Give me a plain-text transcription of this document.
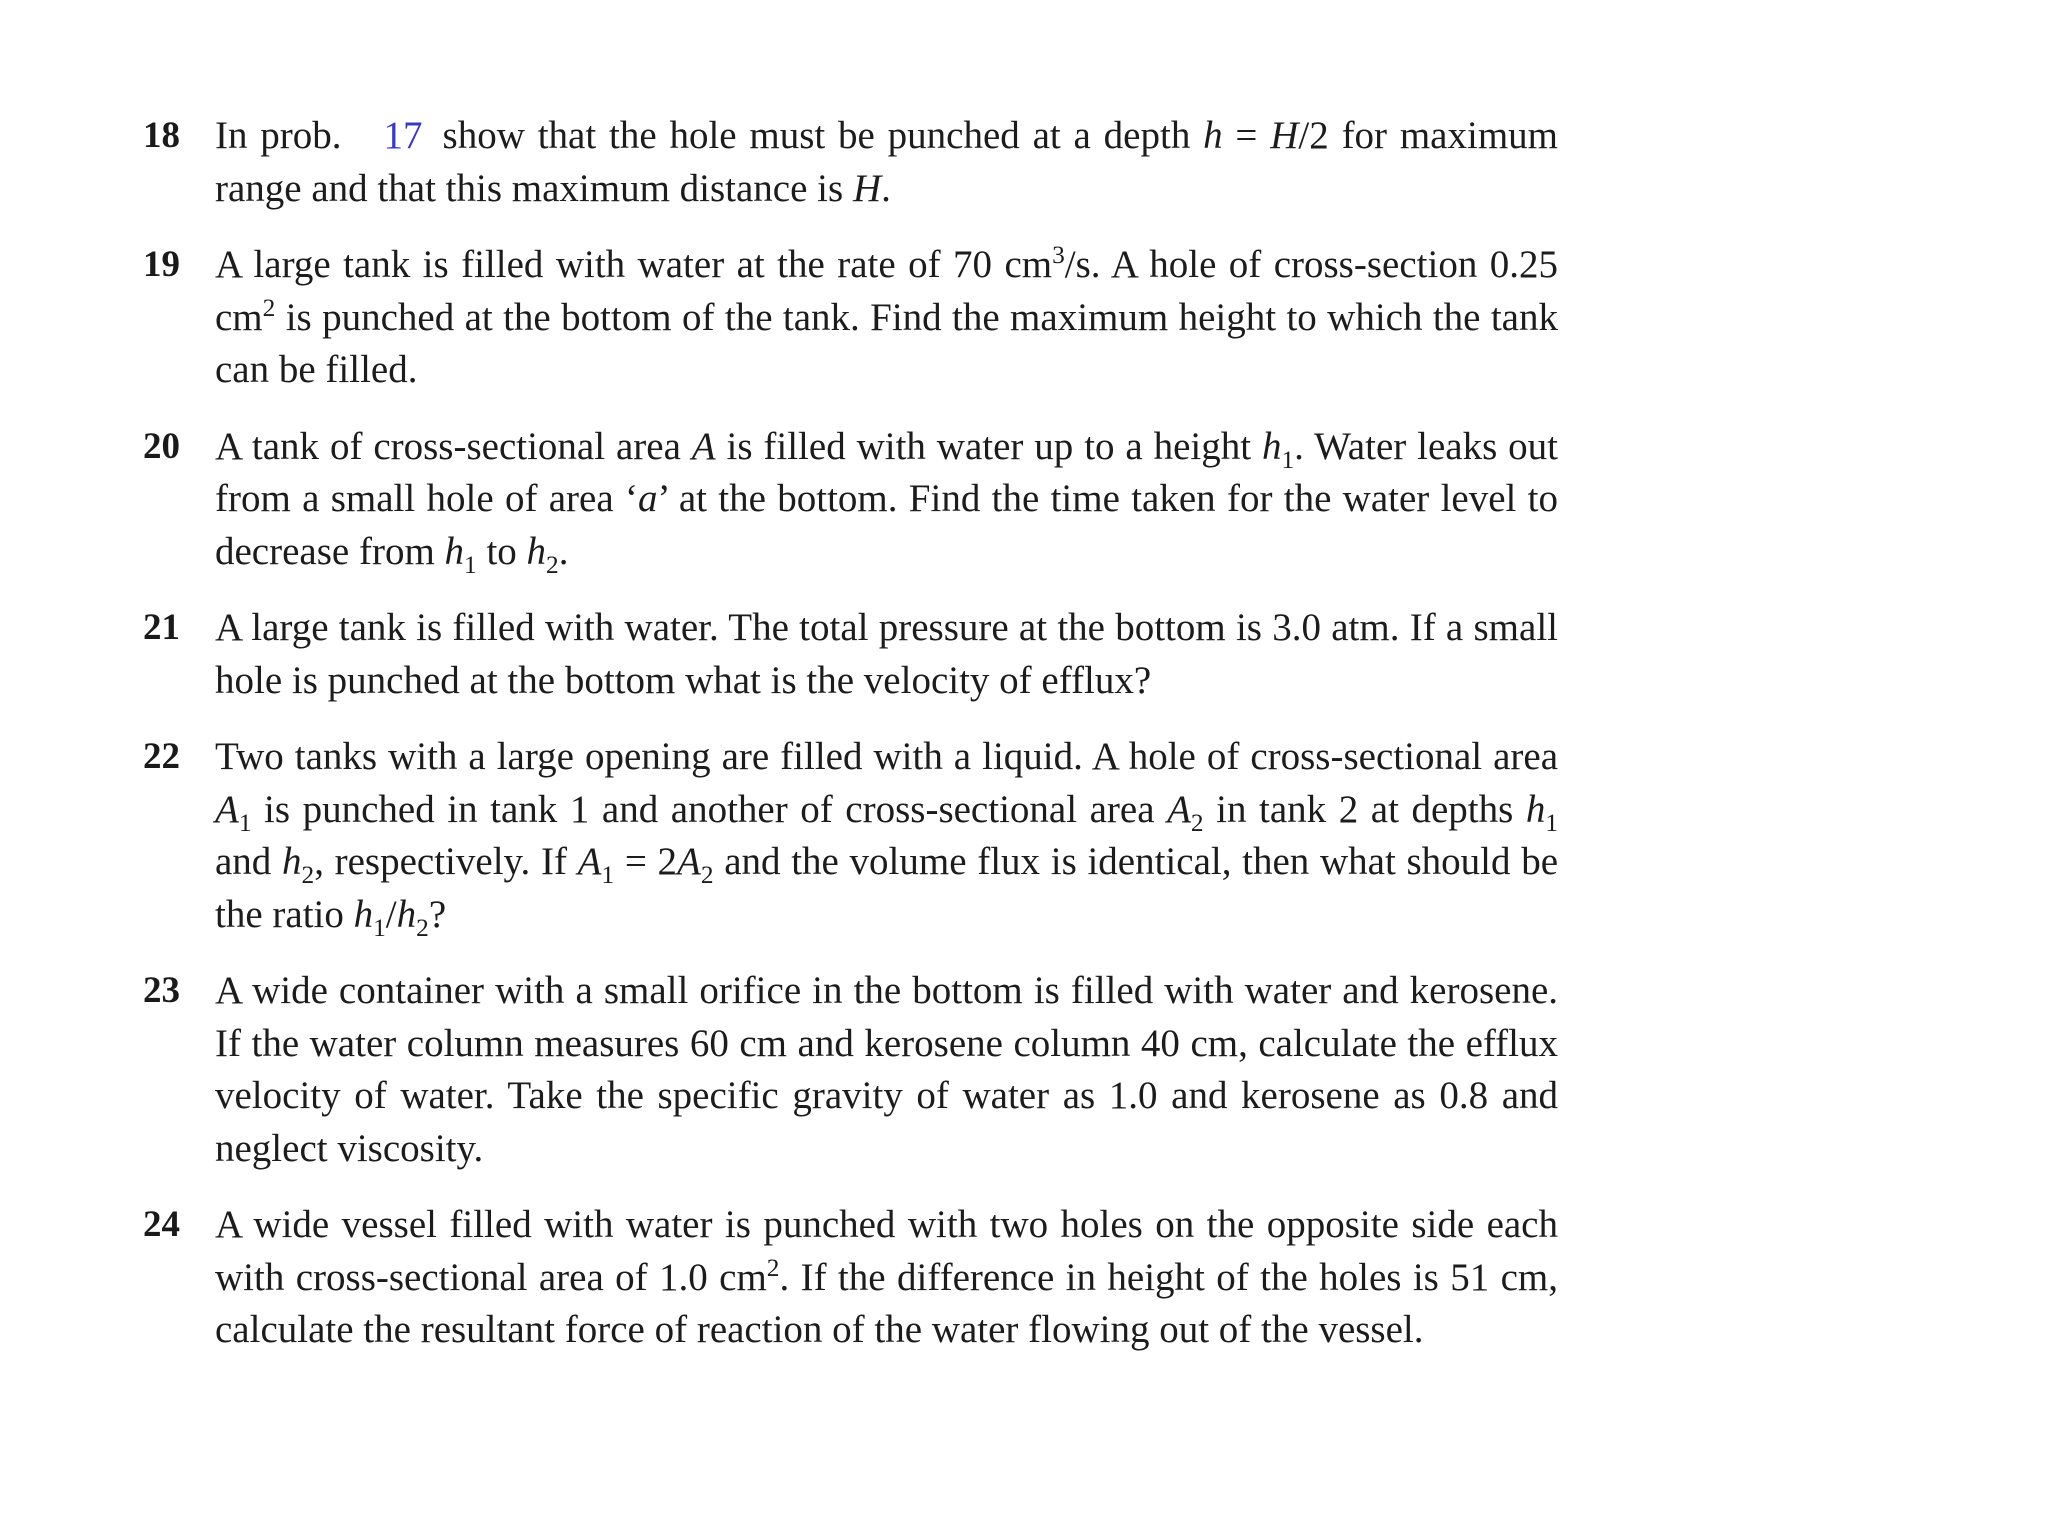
18 In prob. 17 show that the hole must be punched at a depth h = H/2 for maximum range and that this maximum distance is H.
19 A large tank is filled with water at the rate of 70 $cm^3/s$. A hole of cross-section 0.25 $cm^2$ is punched at the bottom of the tank. Find the maximum height to which the tank can be filled.
20 A tank of cross-sectional area A is filled with water up to a height $h_1$. Water leaks out from a small hole of area ‘a’ at the bottom. Find the time taken for the water level to decrease from $h_1$ to $h_2$.
21 A large tank is filled with water. The total pressure at the bottom is 3.0 atm. If a small hole is punched at the bottom what is the velocity of efflux?
22 Two tanks with a large opening are filled with a liquid. A hole of cross-sectional area $A_1$ is punched in tank 1 and another of cross-sectional area $A_2$ in tank 2 at depths $h_1$ and $h_2$, respectively. If $A_1 = 2A_2$ and the volume flux is identical, then what should be the ratio $h_1/h_2$?
23 A wide container with a small orifice in the bottom is filled with water and kerosene. If the water column measures 60 cm and kerosene column 40 cm, calculate the efflux velocity of water. Take the specific gravity of water as 1.0 and kerosene as 0.8 and neglect viscosity.
24 A wide vessel filled with water is punched with two holes on the opposite side each with cross-sectional area of 1.0 $cm^2$. If the difference in height of the holes is 51 cm, calculate the resultant force of reaction of the water flowing out of the vessel.
